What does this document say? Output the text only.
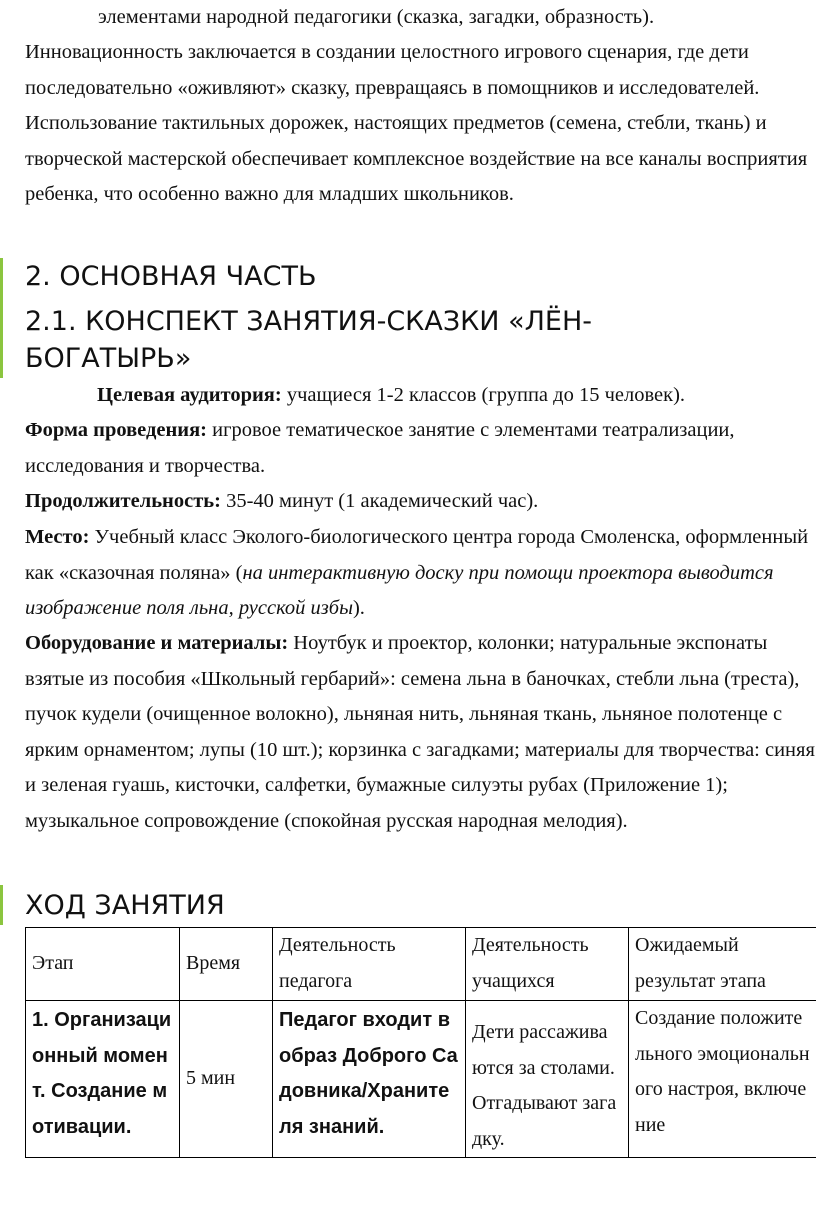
элементами народной педагогики (сказка, загадки, образность).

Инновационность заключается в создании целостного игрового сценария, где дети последовательно «оживляют» сказку, превращаясь в помощников и исследователей. Использование тактильных дорожек, настоящих предметов (семена, стебли, ткань) и творческой мастерской обеспечивает комплексное воздействие на все каналы восприятия ребенка, что особенно важно для младших школьников.

2. ОСНОВНАЯ ЧАСТЬ
2.1. КОНСПЕКТ ЗАНЯТИЯ-СКАЗКИ «ЛЁН-БОГАТЫРЬ»

Целевая аудитория: учащиеся 1-2 классов (группа до 15 человек).

Форма проведения: игровое тематическое занятие с элементами театрализации, исследования и творчества.

Продолжительность: 35-40 минут (1 академический час).

Место: Учебный класс Эколого-биологического центра города Смоленска, оформленный как «сказочная поляна» (на интерактивную доску при помощи проектора выводится изображение поля льна, русской избы).

Оборудование и материалы: Ноутбук и проектор, колонки; натуральные экспонаты взятые из пособия «Школьный гербарий»: семена льна в баночках, стебли льна (треста), пучок кудели (очищенное волокно), льняная нить, льняная ткань, льняное полотенце с ярким орнаментом; лупы (10 шт.); корзинка с загадками; материалы для творчества: синяя и зеленая гуашь, кисточки, салфетки, бумажные силуэты рубах (Приложение 1); музыкальное сопровождение (спокойная русская народная мелодия).

ХОД ЗАНЯТИЯ
Этап	Время	Деятельность педагога	Деятельность учащихся	Ожидаемый результат этапа
1. Организационный момент. Создание мотивации.	5 мин	Педагог входит в образ Доброго Садовника/Хранителя знаний.	Дети рассаживаются за столами. Отгадывают загадку.	Создание положительного эмоционального настроя, включение
